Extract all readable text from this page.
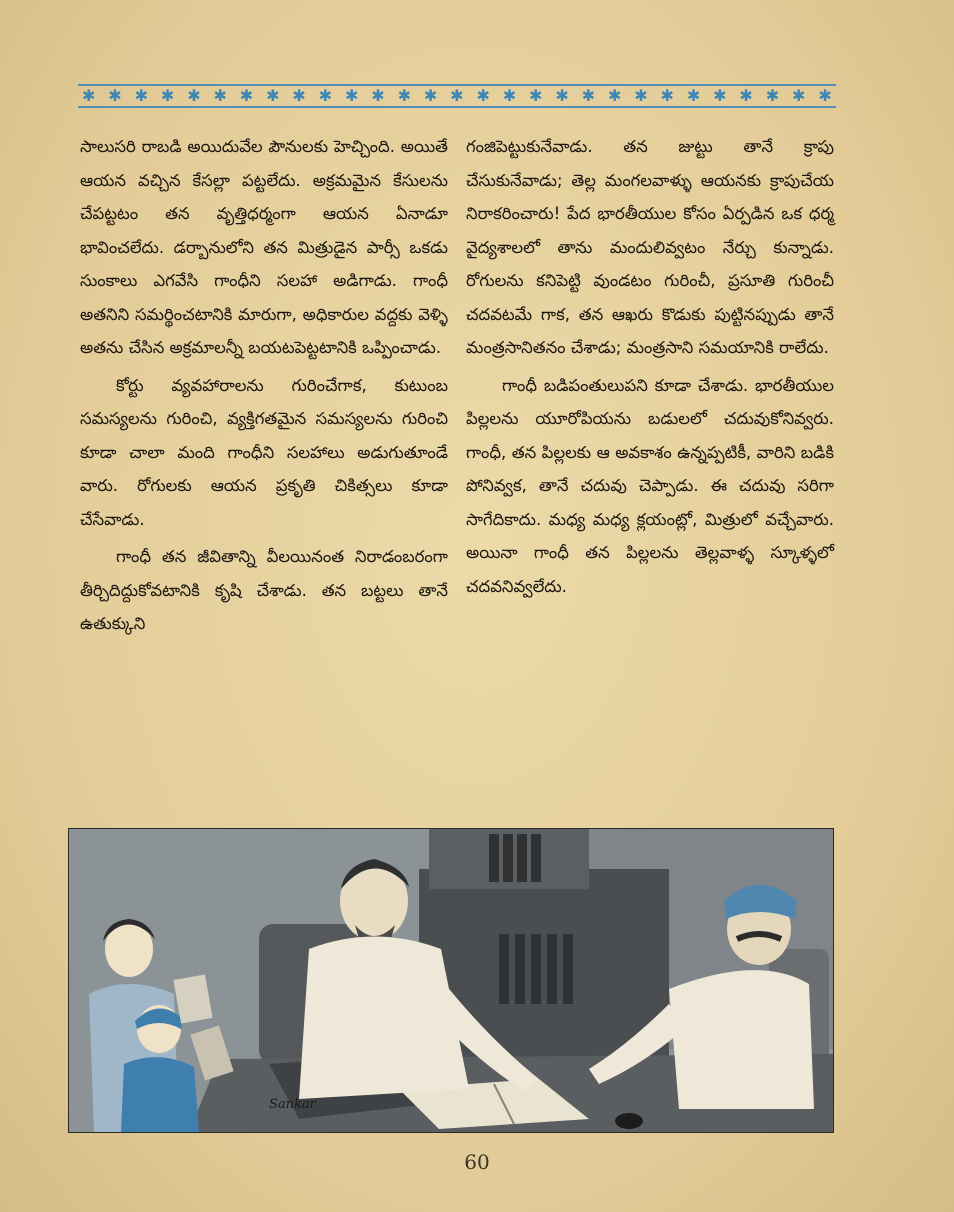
✱ ✱ ✱ ✱ ✱ ✱ ✱ ✱ ✱ ✱ ✱ ✱ ✱ ✱ ✱ ✱ ✱ ✱ ✱ ✱ ✱ ✱ ✱ ✱ ✱ ✱ ✱ ✱ ✱

సాలుసరి రాబడి అయిదువేల పౌనులకు హెచ్చింది. అయితే ఆయన వచ్చిన కేసల్లా పట్టలేదు. అక్రమమైన కేసులను చేపట్టటం తన వృత్తిధర్మంగా ఆయన ఏనాడూ భావించలేదు. డర్బానులోని తన మిత్రుడైన పార్సీ ఒకడు సుంకాలు ఎగవేసి గాంధీని సలహా అడిగాడు. గాంధీ అతనిని సమర్థించటానికి మారుగా, అధికారుల వద్దకు వెళ్ళి అతను చేసిన అక్రమాలన్నీ బయటపెట్టటానికి ఒప్పించాడు.

కోర్టు వ్యవహారాలను గురించేగాక, కుటుంబ సమస్యలను గురించి, వ్యక్తిగతమైన సమస్యలను గురించి కూడా చాలా మంది గాంధీని సలహాలు అడుగుతూండే వారు. రోగులకు ఆయన ప్రకృతి చికిత్సలు కూడా చేసేవాడు.

గాంధీ తన జీవితాన్ని వీలయినంత నిరాడంబరంగా తీర్చిదిద్దుకోవటానికి కృషి చేశాడు. తన బట్టలు తానే ఉతుక్కుని

గంజిపెట్టుకునేవాడు. తన జుట్టు తానే క్రాపు చేసుకునేవాడు; తెల్ల మంగలవాళ్ళు ఆయనకు క్రాపుచేయ నిరాకరించారు! పేద భారతీయుల కోసం ఏర్పడిన ఒక ధర్మ వైద్యశాలలో తాను మందులివ్వటం నేర్చు కున్నాడు. రోగులను కనిపెట్టి వుండటం గురించీ, ప్రసూతి గురించీ చదవటమే గాక, తన ఆఖరు కొడుకు పుట్టినప్పుడు తానే మంత్రసానితనం చేశాడు; మంత్రసాని సమయానికి రాలేదు.

గాంధీ బడిపంతులుపని కూడా చేశాడు. భారతీయుల పిల్లలను యూరోపియను బడులలో చదువుకోనివ్వరు. గాంధీ, తన పిల్లలకు ఆ అవకాశం ఉన్నప్పటికీ, వారిని బడికి పోనివ్వక, తానే చదువు చెప్పాడు. ఈ చదువు సరిగా సాగేదికాదు. మధ్య మధ్య క్లయంట్లో, మిత్రులో వచ్చేవారు. అయినా గాంధీ తన పిల్లలను తెల్లవాళ్ళ స్కూళ్ళలో చదవనివ్వలేదు.

Sankar
60
